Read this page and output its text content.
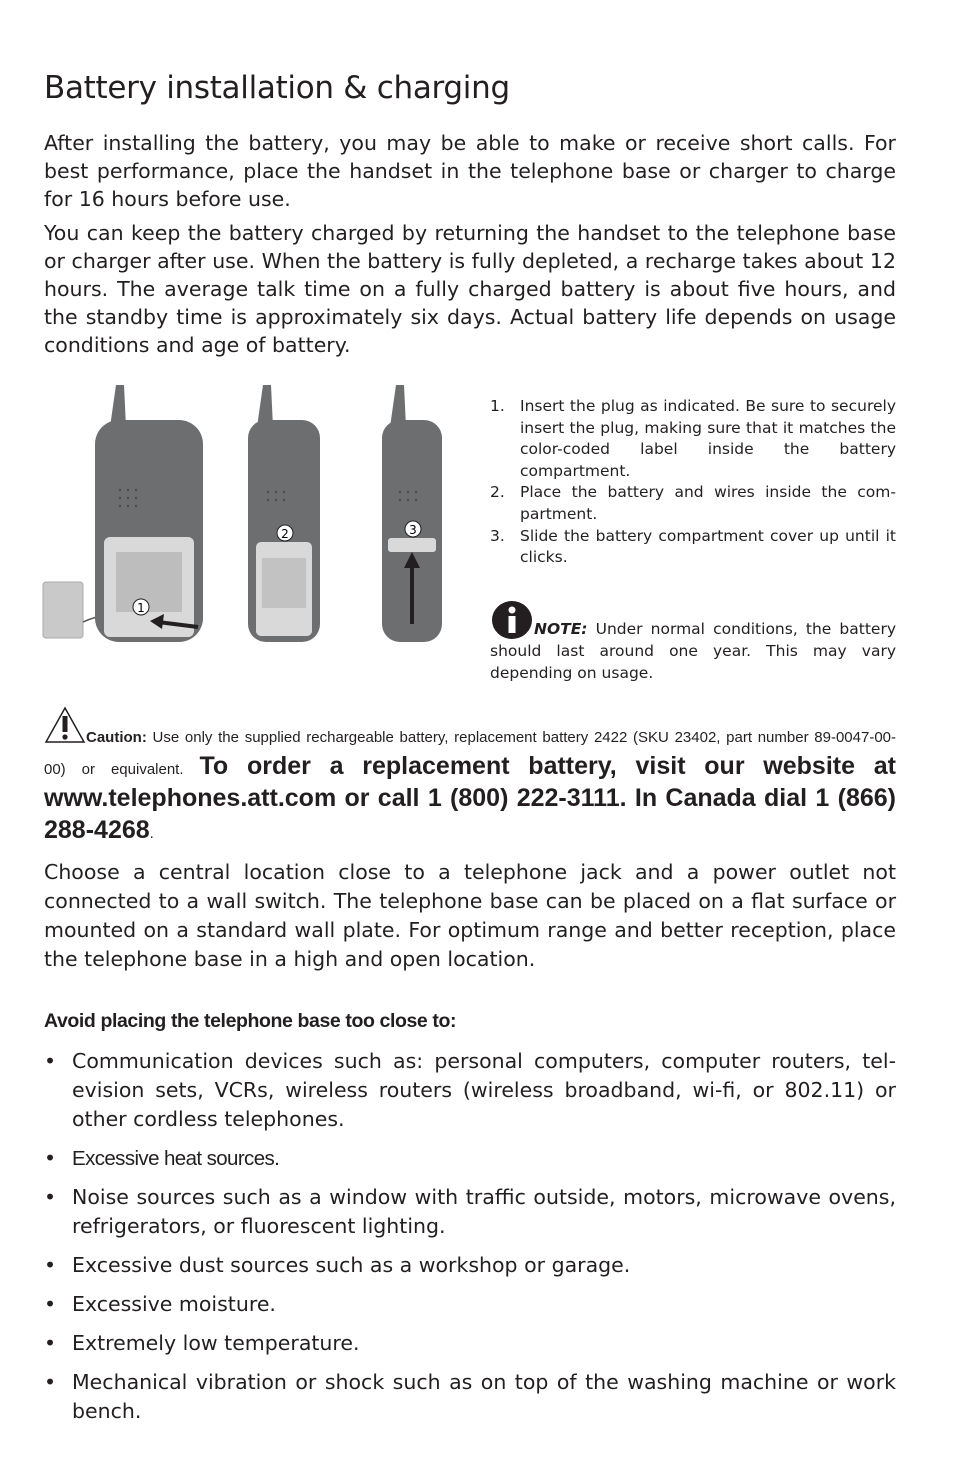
Battery installation & charging

After installing the battery, you may be able to make or receive short calls. For best performance, place the handset in the telephone base or charger to charge for 16 hours before use.

You can keep the battery charged by returning the handset to the telephone base or charger after use. When the battery is fully depleted, a recharge takes about 12 hours. The average talk time on a fully charged battery is about five hours, and the standby time is approximately six days. Actual battery life depends on usage conditions and age of battery.

1
2	3
1. Insert the plug as indicated. Be sure to securely insert the plug, making sure that it matches the color-coded label inside the battery compartment.
2. Place the battery and wires inside the compartment.
3. Slide the battery compartment cover up until it clicks.
NOTE: Under normal conditions, the battery should last around one year. This may vary depending on usage.
Caution: Use only the supplied rechargeable battery, replacement battery 2422 (SKU 23402, part number 89-0047-00-00) or equivalent. To order a replacement battery, visit our website at www.telephones.att.com or call 1 (800) 222-3111. In Canada dial 1 (866) 288-4268.

Choose a central location close to a telephone jack and a power outlet not connected to a wall switch. The telephone base can be placed on a flat surface or mounted on a standard wall plate. For optimum range and better reception, place the telephone base in a high and open location.

Avoid placing the telephone base too close to:

• Communication devices such as: personal computers, computer routers, television sets, VCRs, wireless routers (wireless broadband, wi-fi, or 802.11) or other cordless telephones.
• Excessive heat sources.
• Noise sources such as a window with traffic outside, motors, microwave ovens, refrigerators, or fluorescent lighting.
• Excessive dust sources such as a workshop or garage.
• Excessive moisture.
• Extremely low temperature.
• Mechanical vibration or shock such as on top of the washing machine or work bench.
